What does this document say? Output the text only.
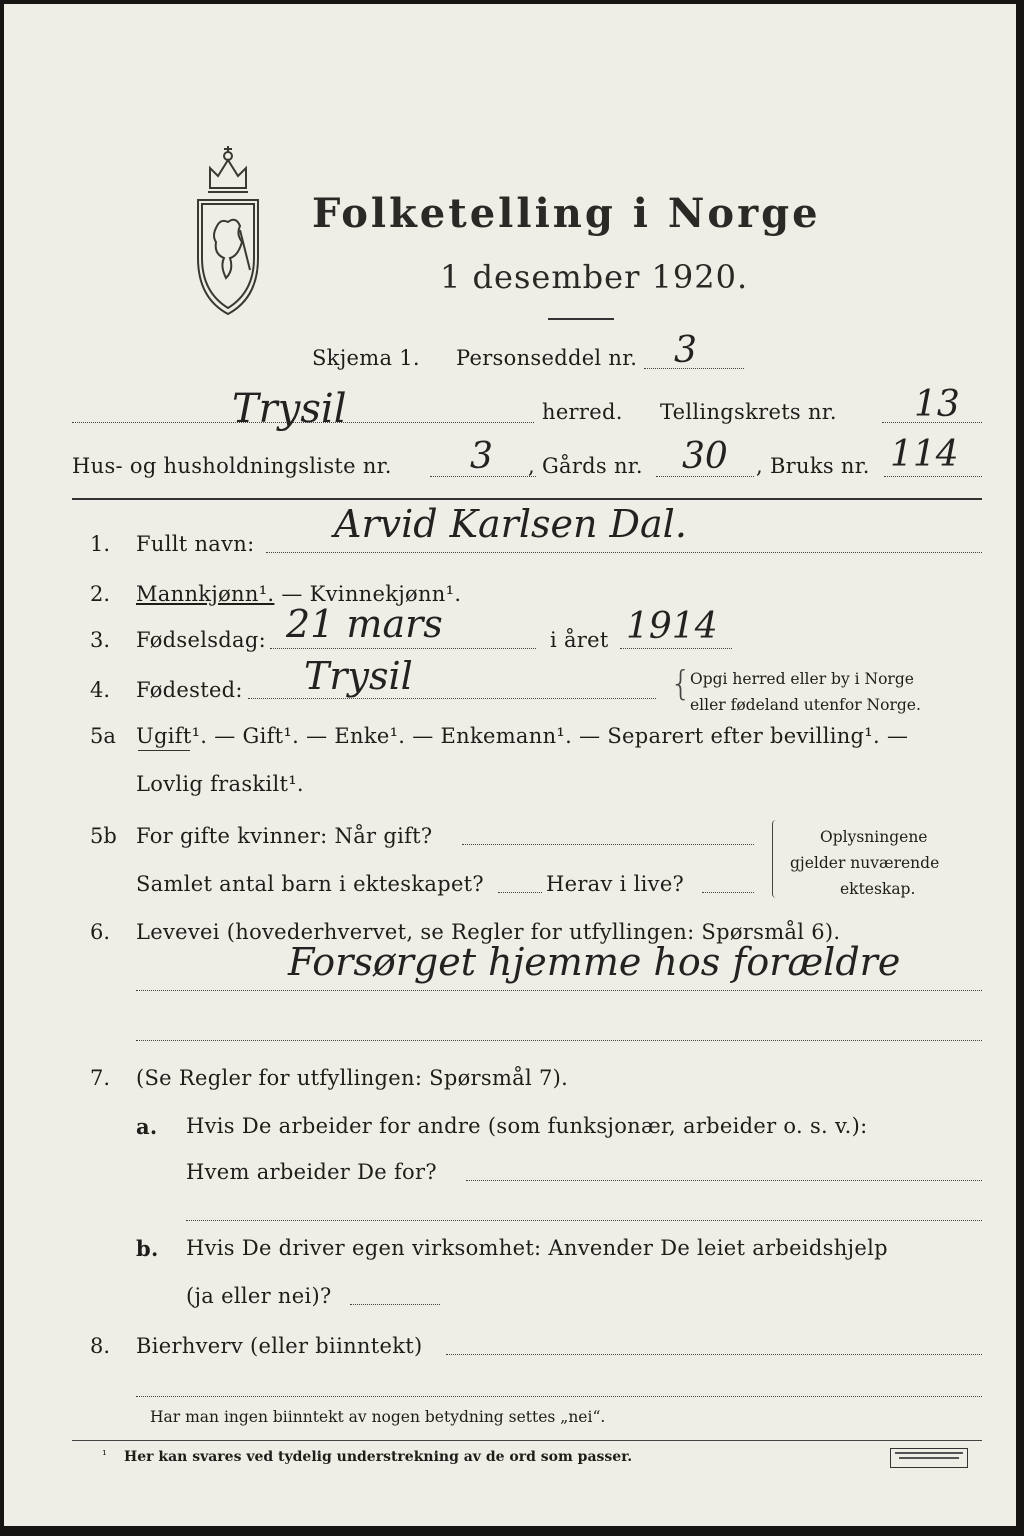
Folketelling i Norge
1 desember 1920.
Skjema 1. Personseddel nr. 3
Trysil	herred. Tellingskrets nr. 13
Hus- og husholdningsliste nr. 3 , Gårds nr. 30 , Bruks nr. 114
1. Fullt navn: Arvid Karlsen Dal.
2. Mannkjønn¹. — Kvinnekjønn¹.
3. Fødselsdag: 21 mars	i året 1914
4. Fødested: Trysil	{
Opgi herred eller by i Norge
eller fødeland utenfor Norge.
5a Ugift¹. — Gift¹. — Enke¹. — Enkemann¹. — Separert efter bevilling¹. —
Lovlig fraskilt¹.
5b For gifte kvinner: Når gift?
Samlet antal barn i ekteskapet?	Herav i live?
Oplysningene
gjelder nuværende
ekteskap.
6. Levevei (hovederhvervet, se Regler for utfyllingen: Spørsmål 6).
Forsørget hjemme hos forældre
7. (Se Regler for utfyllingen: Spørsmål 7).
a. Hvis De arbeider for andre (som funksjonær, arbeider o. s. v.):
Hvem arbeider De for?
b. Hvis De driver egen virksomhet: Anvender De leiet arbeidshjelp
(ja eller nei)?
8. Bierhverv (eller biinntekt)
Har man ingen biinntekt av nogen betydning settes „nei“.
¹ Her kan svares ved tydelig understrekning av de ord som passer.
